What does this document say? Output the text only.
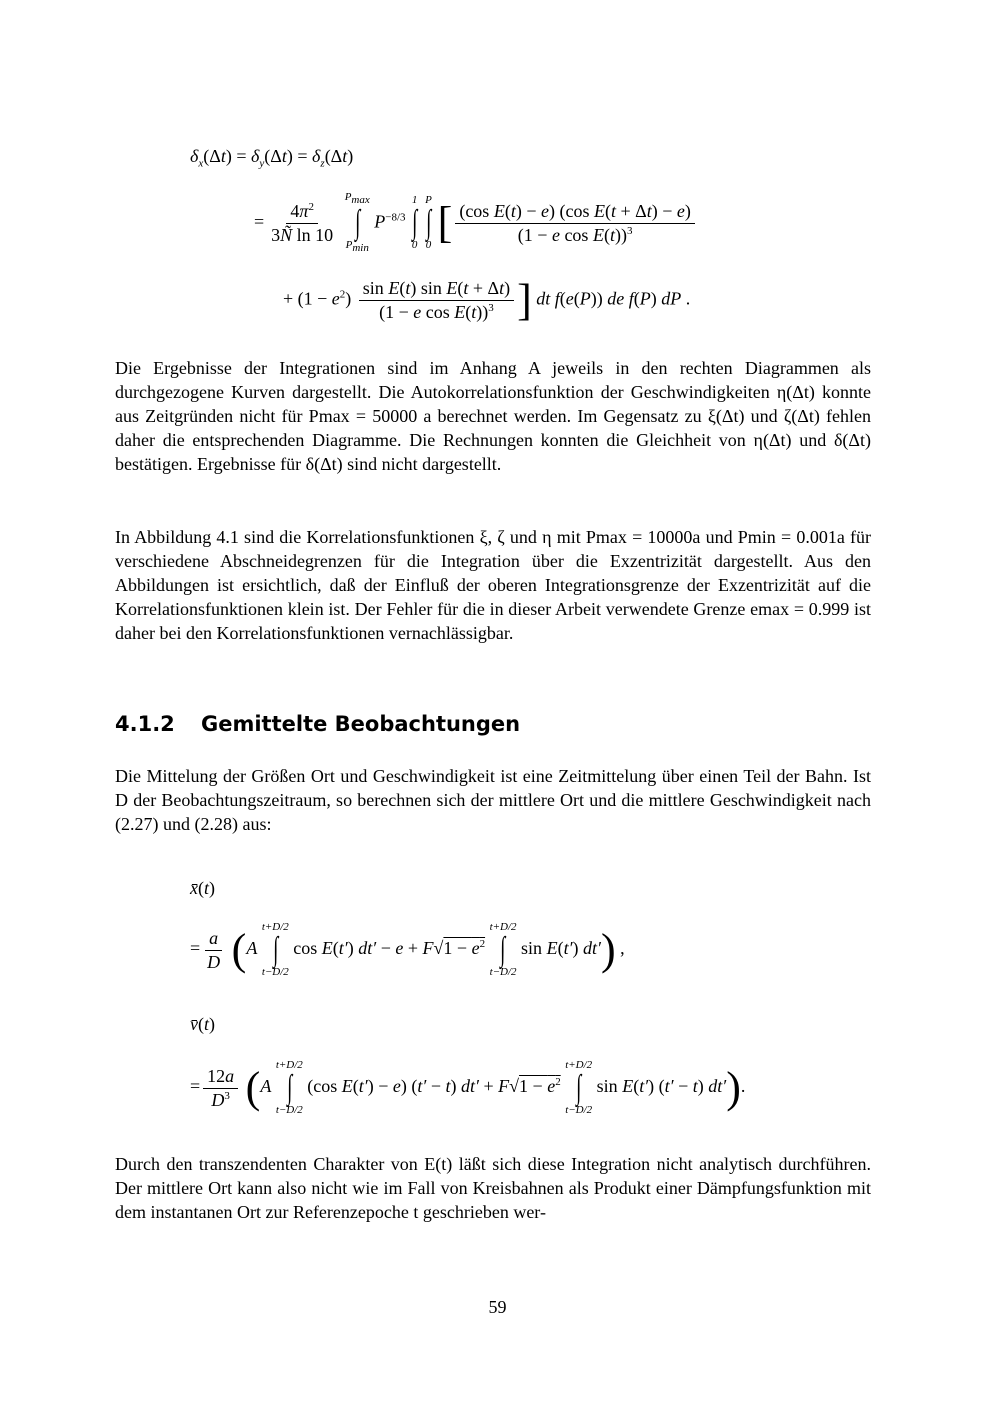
$\delta_x(\Delta t) = \delta_y(\Delta t) = \delta_z(\Delta t)$
= $\frac{4\pi^2}{\text{3Ñ ln 10}}$

$P_{max}$
∫
$P_{min}$
$P^{-8/3}$
1
∫
0

P
∫
0 [ $\frac{\text{(cos E(t) − e) (cos E(t + Δt) − e)}}{(1 - e \cos E(t))^3}$
+ $(1 - e^2) \frac{\text{sin E(t) sin E(t + Δt)}}{(1 - e \cos E(t))^3}$ ] dt f(e(P)) de f(P) dP .
Die Ergebnisse der Integrationen sind im Anhang A jeweils in den rechten Diagrammen als durchgezogene Kurven dargestellt. Die Autokorrelationsfunktion der Geschwindigkeiten η(Δt) konnte aus Zeitgründen nicht für Pmax = 50000 a berechnet werden. Im Gegensatz zu ξ(Δt) und ζ(Δt) fehlen daher die entsprechenden Diagramme. Die Rechnungen konnten die Gleichheit von η(Δt) und δ(Δt) bestätigen. Ergebnisse für δ(Δt) sind nicht dargestellt.
In Abbildung 4.1 sind die Korrelationsfunktionen ξ, ζ und η mit Pmax = 10000a und Pmin = 0.001a für verschiedene Abschneidegrenzen für die Integration über die Exzentrizität dargestellt. Aus den Abbildungen ist ersichtlich, daß der Einfluß der oberen Integrationsgrenze der Exzentrizität auf die Korrelationsfunktionen klein ist. Der Fehler für die in dieser Arbeit verwendete Grenze emax = 0.999 ist daher bei den Korrelationsfunktionen vernachlässigbar.
4.1.2 Gemittelte Beobachtungen
Die Mittelung der Größen Ort und Geschwindigkeit ist eine Zeitmittelung über einen Teil der Bahn. Ist D der Beobachtungszeitraum, so berechnen sich der mittlere Ort und die mittlere Geschwindigkeit nach (2.27) und (2.28) aus:
x̄(t)
= $\frac{a}{D} (A$
t+D/2
∫
t−D/2
cos E(t′) $dt' - e + F√1 - e^2$
t+D/2
∫
t−D/2
sin E(t′) dt′) ,
v̄(t)
= $\frac{12a}{D^3} (A$
t+D/2
∫
t−D/2
(cos E(t′) − e) (t′ − t) $dt' + F√1 - e^2$
t+D/2
∫
t−D/2
sin E(t′) (t′ − t) dt′).
Durch den transzendenten Charakter von E(t) läßt sich diese Integration nicht analytisch durchführen. Der mittlere Ort kann also nicht wie im Fall von Kreisbahnen als Produkt einer Dämpfungsfunktion mit dem instantanen Ort zur Referenzepoche t geschrieben wer-
59
